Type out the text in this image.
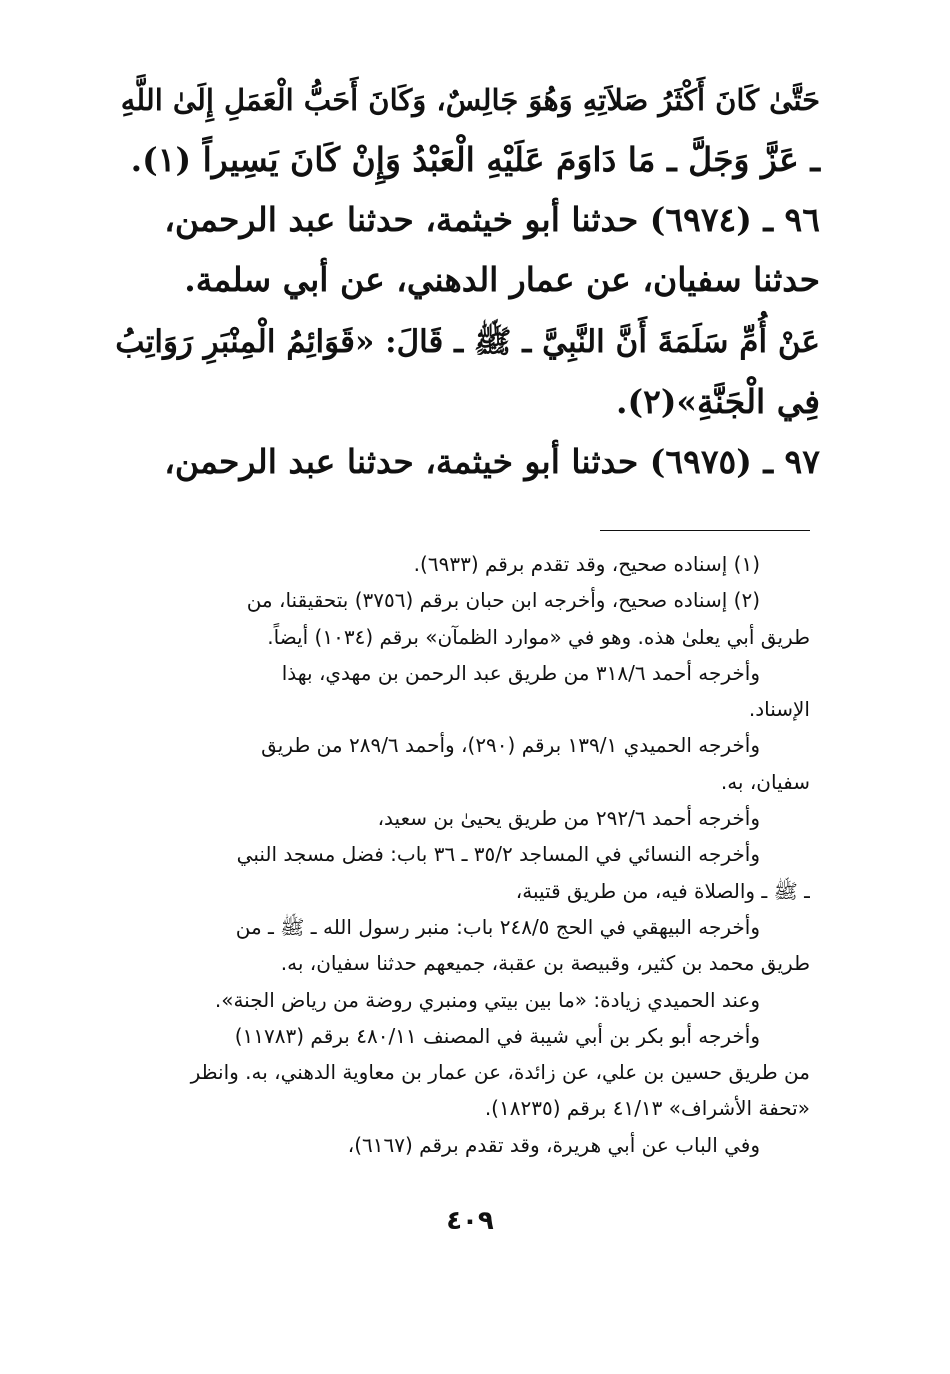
حَتَّىٰ كَانَ أَكْثَرُ صَلاَتِهِ وَهُوَ جَالِسٌ، وَكَانَ أَحَبُّ الْعَمَلِ إِلَىٰ اللَّهِ
ـ عَزَّ وَجَلَّ ـ مَا دَاوَمَ عَلَيْهِ الْعَبْدُ وَإِنْ كَانَ يَسِيراً (١).
٩٦ ـ (٦٩٧٤) حدثنا أبو خيثمة، حدثنا عبد الرحمن،
حدثنا سفيان، عن عمار الدهني، عن أبي سلمة.
عَنْ أُمِّ سَلَمَةَ أَنَّ النَّبِيَّ ـ ﷺ ـ قَالَ: «قَوَائِمُ الْمِنْبَرِ رَوَاتِبُ
فِي الْجَنَّةِ»(٢).
٩٧ ـ (٦٩٧٥) حدثنا أبو خيثمة، حدثنا عبد الرحمن،
(١) إسناده صحيح، وقد تقدم برقم (٦٩٣٣).
(٢) إسناده صحيح، وأخرجه ابن حبان برقم (٣٧٥٦) بتحقيقنا، من
طريق أبي يعلىٰ هذه. وهو في «موارد الظمآن» برقم (١٠٣٤) أيضاً.
وأخرجه أحمد ٣١٨/٦ من طريق عبد الرحمن بن مهدي، بهذا
الإسناد.
وأخرجه الحميدي ١٣٩/١ برقم (٢٩٠)، وأحمد ٢٨٩/٦ من طريق
سفيان، به.
وأخرجه أحمد ٢٩٢/٦ من طريق يحيىٰ بن سعيد،
وأخرجه النسائي في المساجد ٣٥/٢ ـ ٣٦ باب: فضل مسجد النبي
ـ ﷺ ـ والصلاة فيه، من طريق قتيبة،
وأخرجه البيهقي في الحج ٢٤٨/٥ باب: منبر رسول الله ـ ﷺ ـ من
طريق محمد بن كثير، وقبيصة بن عقبة، جميعهم حدثنا سفيان، به.
وعند الحميدي زيادة: «ما بين بيتي ومنبري روضة من رياض الجنة».
وأخرجه أبو بكر بن أبي شيبة في المصنف ٤٨٠/١١ برقم (١١٧٨٣)
من طريق حسين بن علي، عن زائدة، عن عمار بن معاوية الدهني، به. وانظر
«تحفة الأشراف» ٤١/١٣ برقم (١٨٢٣٥).
وفي الباب عن أبي هريرة، وقد تقدم برقم (٦١٦٧)،
٤٠٩
